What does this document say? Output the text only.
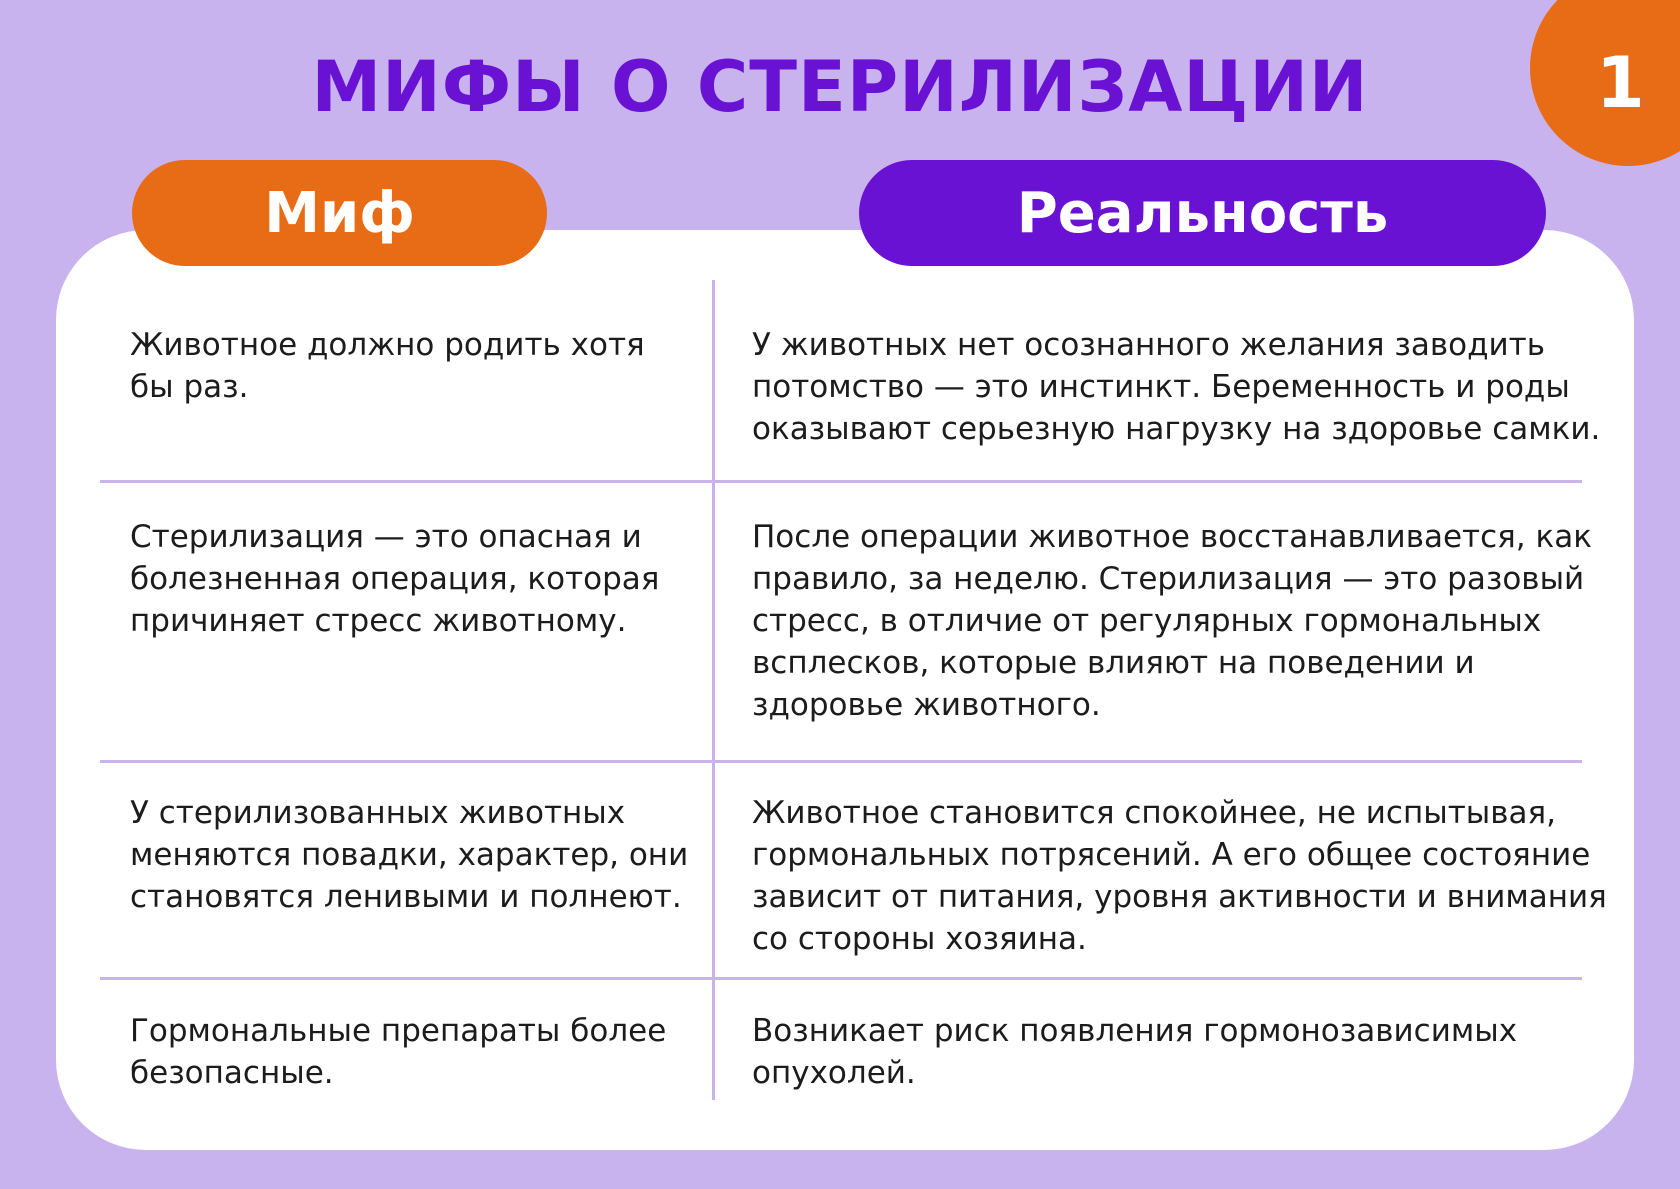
МИФЫ О СТЕРИЛИЗАЦИИ	1
Миф	Реальность

Животное должно родить хотя бы раз.

У животных нет осознанного желания заводить потомство — это инстинкт. Беременность и роды оказывают серьезную нагрузку на здоровье самки.

Стерилизация — это опасная и болезненная операция, которая причиняет стресс животному.

После операции животное восстанавливается, как правило, за неделю. Стерилизация — это разовый стресс, в отличие от регулярных гормональных всплесков, которые влияют на поведении и здоровье животного.

У стерилизованных животных меняются повадки, характер, они становятся ленивыми и полнеют.

Животное становится спокойнее, не испытывая, гормональных потрясений. А его общее состояние зависит от питания, уровня активности и внимания со стороны хозяина.

Гормональные препараты более безопасные.

Возникает риск появления гормонозависимых опухолей.
